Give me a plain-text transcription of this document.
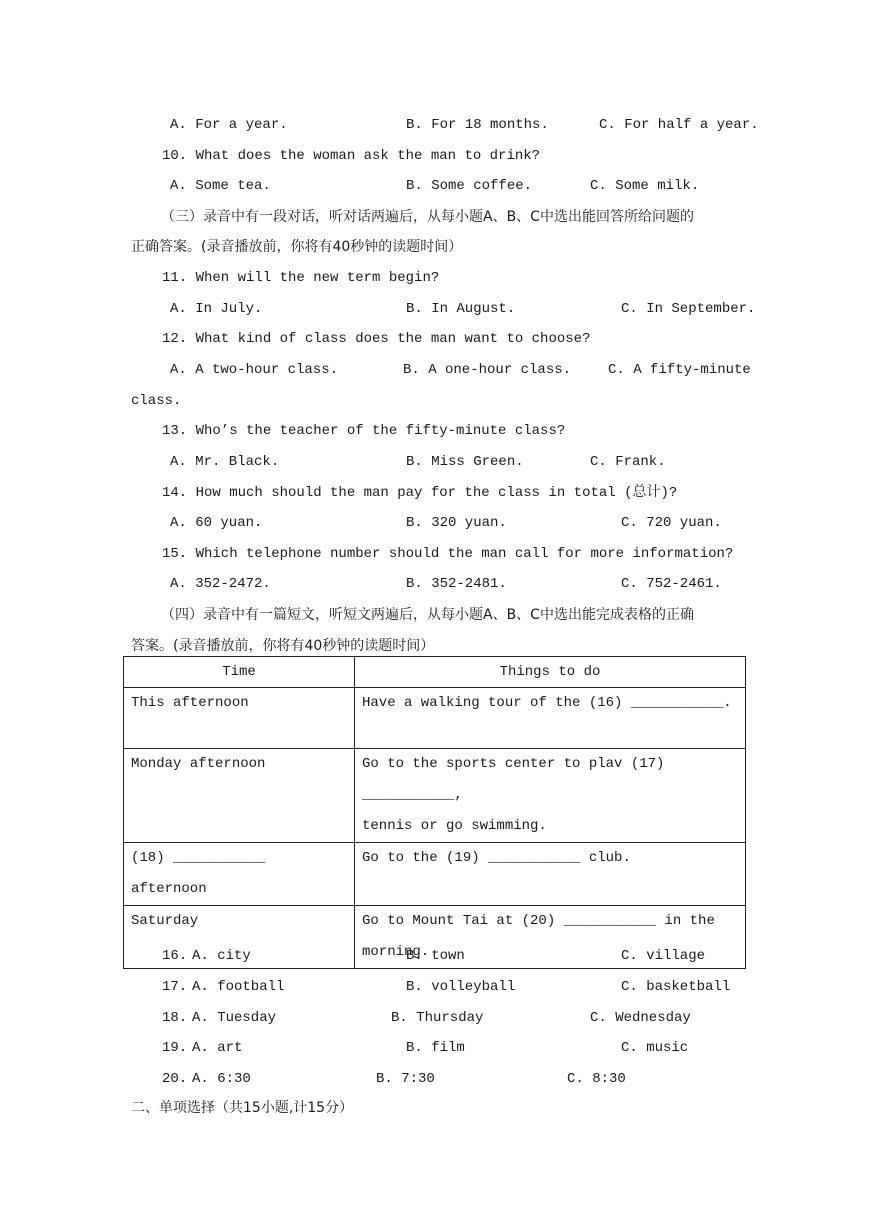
A. For a year.	B. For 18 months.	C. For half a year.
10. What does the woman ask the man to drink?
A. Some tea.	B. Some coffee.	C. Some milk.
（三）录音中有一段对话，听对话两遍后，从每小题A、B、C中选出能回答所给问题的
正确答案。(录音播放前，你将有40秒钟的读题时间）
11. When will the new term begin?
A. In July.	B. In August.	C. In September.
12. What kind of class does the man want to choose?
A. A two-hour class.	B. A one-hour class.	C. A fifty-minute
class.
13. Who’s the teacher of the fifty-minute class?
A. Mr. Black.	B. Miss Green.	C. Frank.
14. How much should the man pay for the class in total (总计)?
A. 60 yuan.	B. 320 yuan.	C. 720 yuan.
15. Which telephone number should the man call for more information?
A. 352-2472.	B. 352-2481.	C. 752-2461.
（四）录音中有一篇短文，听短文两遍后，从每小题A、B、C中选出能完成表格的正确
答案。(录音播放前，你将有40秒钟的读题时间）
Time	Things to do
This afternoon	Have a walking tour of the (16) ___________.
Monday afternoon	Go to the sports center to plav (17) ___________,
tennis or go swimming.
(18) ___________ afternoon	Go to the (19) ___________ club.
Saturday	Go to Mount Tai at (20) ___________ in the morning.
16. A. city	B. town	C. village
17. A. football	B. volleyball	C. basketball
18. A. Tuesday	B. Thursday	C. Wednesday
19. A. art	B. film	C. music
20. A. 6:30	B. 7:30	C. 8:30
二、单项选择（共15小题,计15分）
